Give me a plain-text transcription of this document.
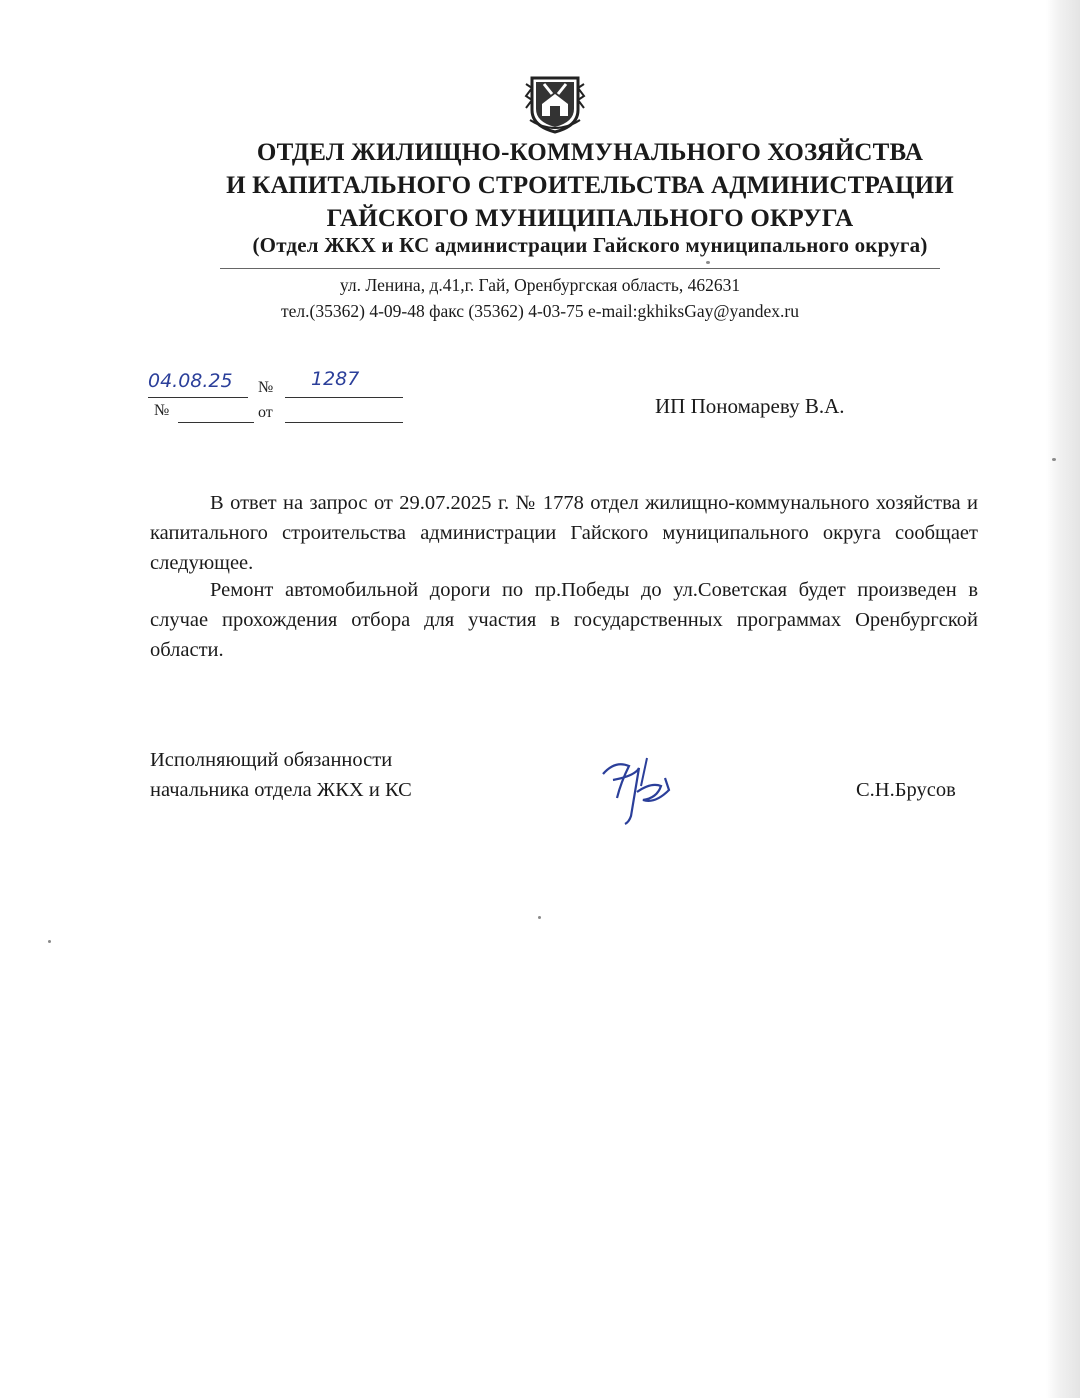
ОТДЕЛ ЖИЛИЩНО-КОММУНАЛЬНОГО ХОЗЯЙСТВА
И КАПИТАЛЬНОГО СТРОИТЕЛЬСТВА АДМИНИСТРАЦИИ
ГАЙСКОГО МУНИЦИПАЛЬНОГО ОКРУГА
(Отдел ЖКХ и КС администрации Гайского муниципального округа)
ул. Ленина, д.41,г. Гай, Оренбургская область, 462631
тел.(35362) 4-09-48 факс (35362) 4-03-75 e-mail:gkhiksGay@yandex.ru
04.08.25 № 1287
№	от	ИП Пономареву В.А.
В ответ на запрос от 29.07.2025 г. № 1778 отдел жилищно-коммунального хозяйства и капитального строительства администрации Гайского муниципального округа сообщает следующее.
Ремонт автомобильной дороги по пр.Победы до ул.Советская будет произведен в случае прохождения отбора для участия в государственных программах Оренбургской области.
Исполняющий обязанности
начальника отдела ЖКХ и КС	С.Н.Брусов
